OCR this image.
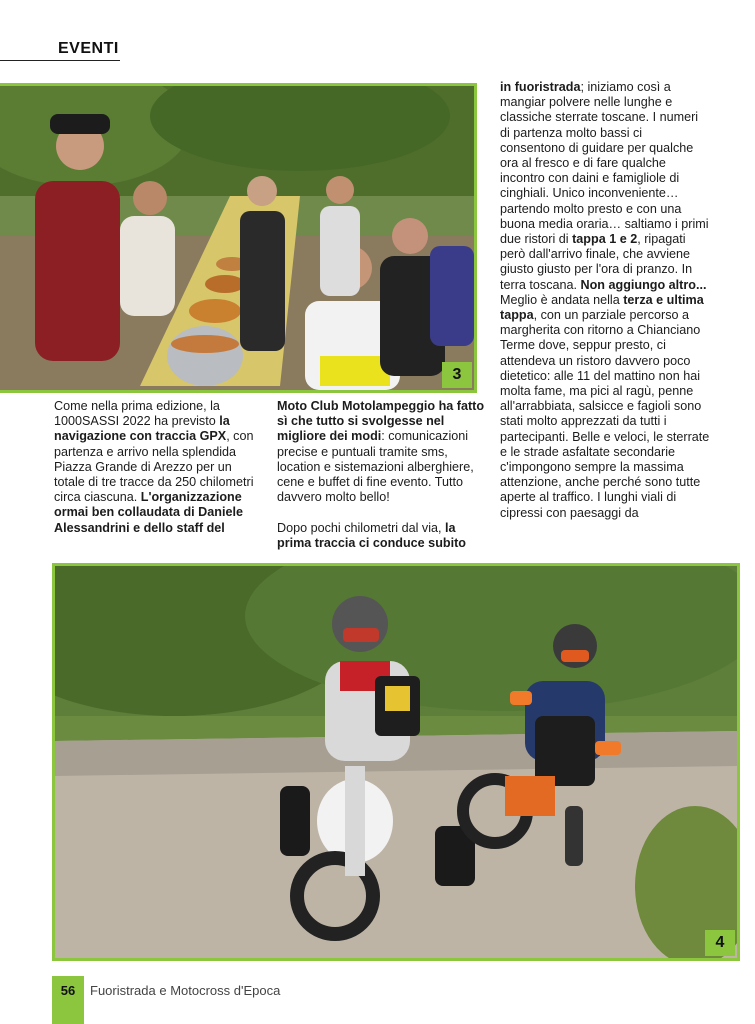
EVENTI
3

Come nella prima edizione, la 1000SASSI 2022 ha previsto la navigazione con traccia GPX, con partenza e arrivo nella splendida Piazza Grande di Arezzo per un totale di tre tracce da 250 chilometri circa ciascuna. L'organizzazione ormai ben collaudata di Daniele Alessandrini e dello staff del

Moto Club Motolampeggio ha fatto sì che tutto si svolgesse nel migliore dei modi: comunicazioni precise e puntuali tramite sms, location e sistemazioni alberghiere, cene e buffet di fine evento. Tutto davvero molto bello!

Dopo pochi chilometri dal via, la prima traccia ci conduce subito

in fuoristrada; iniziamo così a mangiar polvere nelle lunghe e classiche sterrate toscane. I numeri di partenza molto bassi ci consentono di guidare per qualche ora al fresco e di fare qualche incontro con daini e famigliole di cinghiali. Unico inconveniente… partendo molto presto e con una buona media oraria… saltiamo i primi due ristori di tappa 1 e 2, ripagati però dall'arrivo finale, che avviene giusto giusto per l'ora di pranzo. In terra toscana. Non aggiungo altro...

Meglio è andata nella terza e ultima tappa, con un parziale percorso a margherita con ritorno a Chianciano Terme dove, seppur presto, ci attendeva un ristoro davvero poco dietetico: alle 11 del mattino non hai molta fame, ma pici al ragù, penne all'arrabbiata, salsicce e fagioli sono stati molto apprezzati da tutti i partecipanti. Belle e veloci, le sterrate e le strade asfaltate secondarie c'impongono sempre la massima attenzione, anche perché sono tutte aperte al traffico. I lunghi viali di cipressi con paesaggi da

4
56	Fuoristrada e Motocross d'Epoca
